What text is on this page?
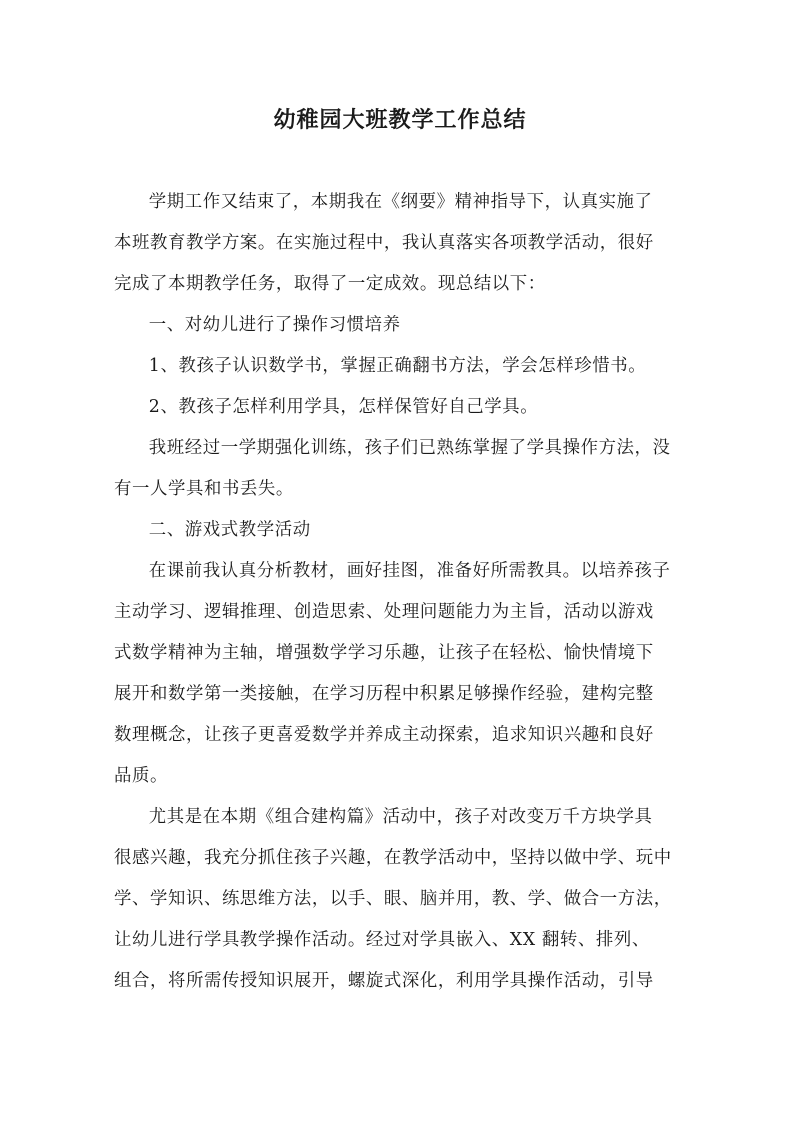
幼稚园大班教学工作总结
学期工作又结束了，本期我在《纲要》精神指导下，认真实施了
本班教育教学方案。在实施过程中，我认真落实各项教学活动，很好
完成了本期教学任务，取得了一定成效。现总结以下：
一、对幼儿进行了操作习惯培养
1、教孩子认识数学书，掌握正确翻书方法，学会怎样珍惜书。
2、教孩子怎样利用学具，怎样保管好自己学具。
我班经过一学期强化训练，孩子们已熟练掌握了学具操作方法，没
有一人学具和书丢失。
二、游戏式教学活动
在课前我认真分析教材，画好挂图，准备好所需教具。以培养孩子
主动学习、逻辑推理、创造思索、处理问题能力为主旨，活动以游戏
式数学精神为主轴，增强数学学习乐趣，让孩子在轻松、愉快情境下
展开和数学第一类接触，在学习历程中积累足够操作经验，建构完整
数理概念，让孩子更喜爱数学并养成主动探索，追求知识兴趣和良好
品质。
尤其是在本期《组合建构篇》活动中，孩子对改变万千方块学具
很感兴趣，我充分抓住孩子兴趣，在教学活动中，坚持以做中学、玩中
学、学知识、练思维方法，以手、眼、脑并用，教、学、做合一方法，
让幼儿进行学具教学操作活动。经过对学具嵌入、XX 翻转、排列、
组合，将所需传授知识展开，螺旋式深化，利用学具操作活动，引导
